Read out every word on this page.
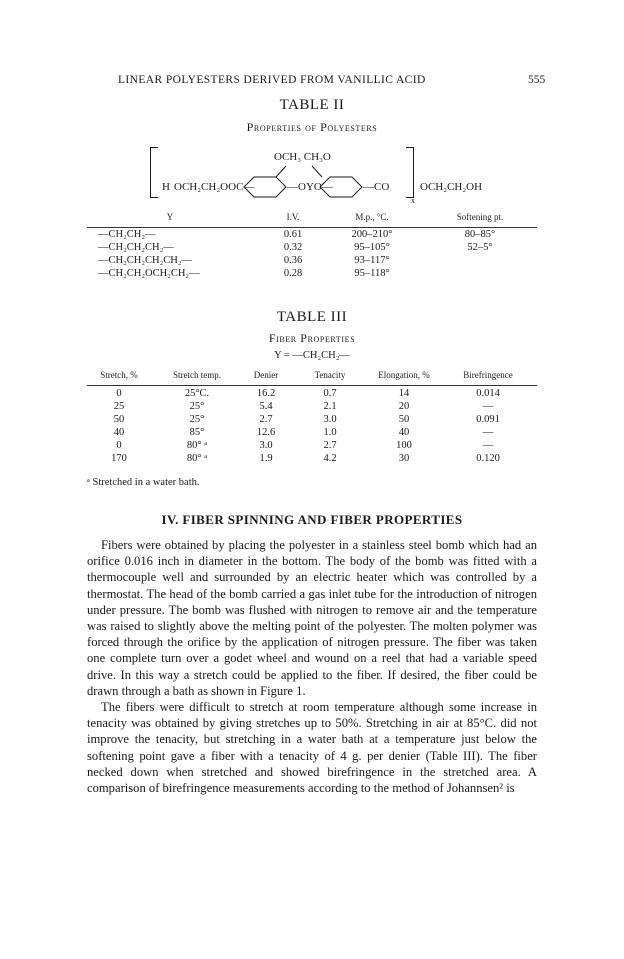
LINEAR POLYESTERS DERIVED FROM VANILLIC ACID	555
TABLE II
Properties of Polyesters
OCH₃ CH₃O
H OCH₂CH₂OOC—	—OYO—	—CO
x
OCH₂CH₂OH
Y	I.V.	M.p., °C.	Softening pt.
—CH₂CH₂—	0.61	200–210°	80–85°
—CH₂CH₂CH₂—	0.32	95–105°	52–5°
—CH₂CH₂CH₂CH₂—	0.36	93–117°
—CH₂CH₂OCH₂CH₂—	0.28	95–118°
TABLE III
Fiber Properties
Y = —CH₂CH₂—
Stretch, %	Stretch temp.	Denier	Tenacity	Elongation, %	Birefringence
0	25°C.	16.2	0.7	14	0.014
25	25°	5.4	2.1	20	—
50	25°	2.7	3.0	50	0.091
40	85°	12.6	1.0	40	—
0	80° ᵃ	3.0	2.7	100	—
170	80° ᵃ	1.9	4.2	30	0.120
ᵃ Stretched in a water bath.
IV. FIBER SPINNING AND FIBER PROPERTIES

Fibers were obtained by placing the polyester in a stainless steel bomb which had an orifice 0.016 inch in diameter in the bottom. The body of the bomb was fitted with a thermocouple well and surrounded by an electric heater which was controlled by a thermostat. The head of the bomb carried a gas inlet tube for the introduction of nitrogen under pressure. The bomb was flushed with nitrogen to remove air and the temperature was raised to slightly above the melting point of the polyester. The molten polymer was forced through the orifice by the application of nitrogen pressure. The fiber was taken one complete turn over a godet wheel and wound on a reel that had a variable speed drive. In this way a stretch could be applied to the fiber. If desired, the fiber could be drawn through a bath as shown in Figure 1.

The fibers were difficult to stretch at room temperature although some increase in tenacity was obtained by giving stretches up to 50%. Stretching in air at 85°C. did not improve the tenacity, but stretching in a water bath at a temperature just below the softening point gave a fiber with a tenacity of 4 g. per denier (Table III). The fiber necked down when stretched and showed birefringence in the stretched area. A comparison of birefringence measurements according to the method of Johannsen² is
